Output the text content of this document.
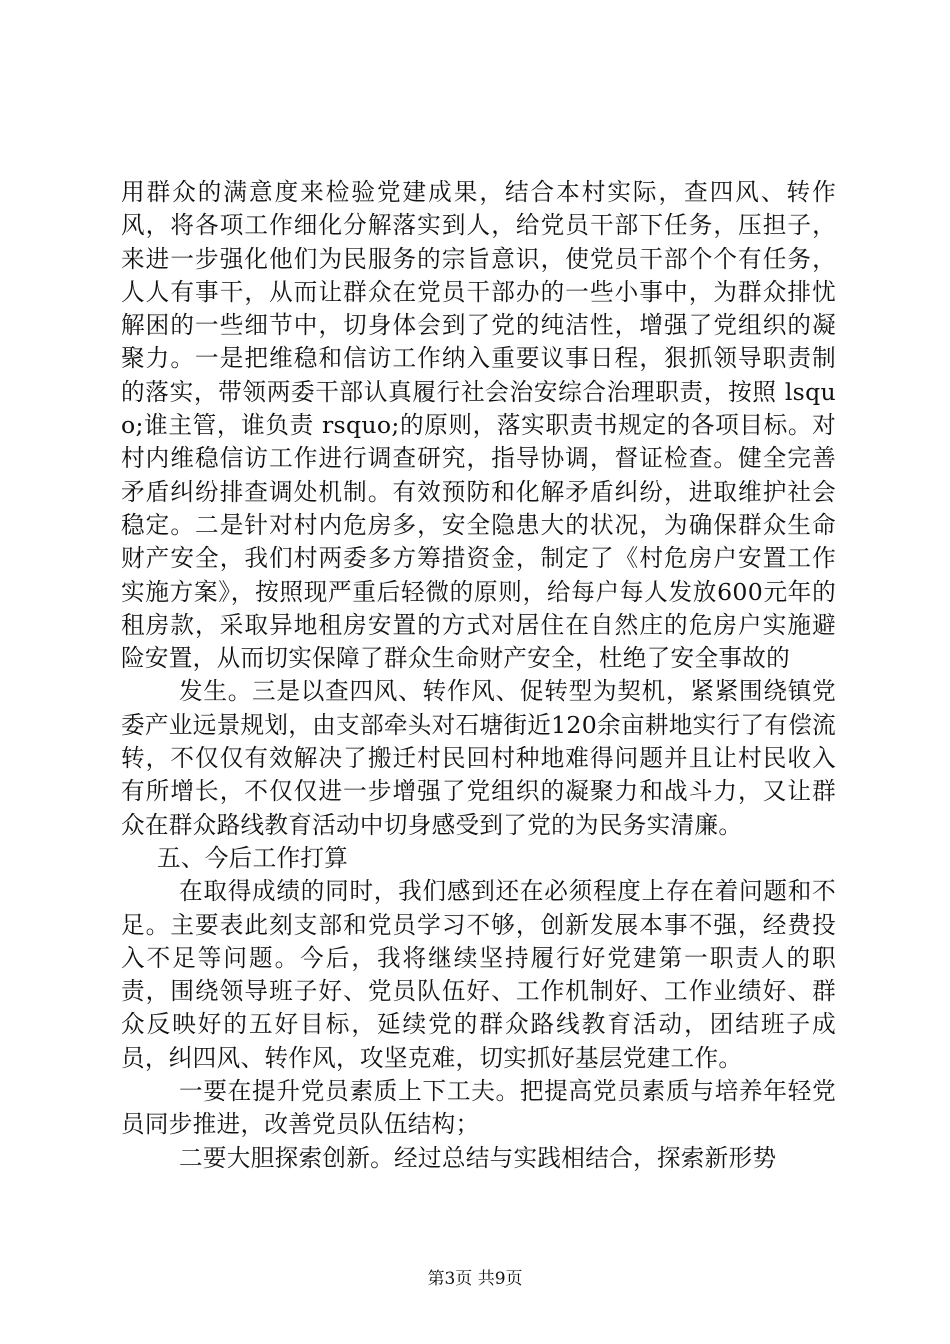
用群众的满意度来检验党建成果，结合本村实际，查四风、转作风，将各项工作细化分解落实到人，给党员干部下任务，压担子，来进一步强化他们为民服务的宗旨意识，使党员干部个个有任务，人人有事干，从而让群众在党员干部办的一些小事中，为群众排忧解困的一些细节中，切身体会到了党的纯洁性，增强了党组织的凝聚力。一是把维稳和信访工作纳入重要议事日程，狠抓领导职责制的落实，带领两委干部认真履行社会治安综合治理职责，按照 lsquo;谁主管，谁负责 rsquo;的原则，落实职责书规定的各项目标。对村内维稳信访工作进行调查研究，指导协调，督证检查。健全完善矛盾纠纷排查调处机制。有效预防和化解矛盾纠纷，进取维护社会稳定。二是针对村内危房多，安全隐患大的状况，为确保群众生命财产安全，我们村两委多方筹措资金，制定了《村危房户安置工作实施方案》，按照现严重后轻微的原则，给每户每人发放600元年的租房款，采取异地租房安置的方式对居住在自然庄的危房户实施避险安置，从而切实保障了群众生命财产安全，杜绝了安全事故的

发生。三是以查四风、转作风、促转型为契机，紧紧围绕镇党委产业远景规划，由支部牵头对石塘街近120余亩耕地实行了有偿流转，不仅仅有效解决了搬迁村民回村种地难得问题并且让村民收入有所增长，不仅仅进一步增强了党组织的凝聚力和战斗力，又让群众在群众路线教育活动中切身感受到了党的为民务实清廉。

五、今后工作打算

在取得成绩的同时，我们感到还在必须程度上存在着问题和不足。主要表此刻支部和党员学习不够，创新发展本事不强，经费投入不足等问题。今后，我将继续坚持履行好党建第一职责人的职责，围绕领导班子好、党员队伍好、工作机制好、工作业绩好、群众反映好的五好目标，延续党的群众路线教育活动，团结班子成员，纠四风、转作风，攻坚克难，切实抓好基层党建工作。

一要在提升党员素质上下工夫。把提高党员素质与培养年轻党员同步推进，改善党员队伍结构；

二要大胆探索创新。经过总结与实践相结合，探索新形势

第3页 共9页
